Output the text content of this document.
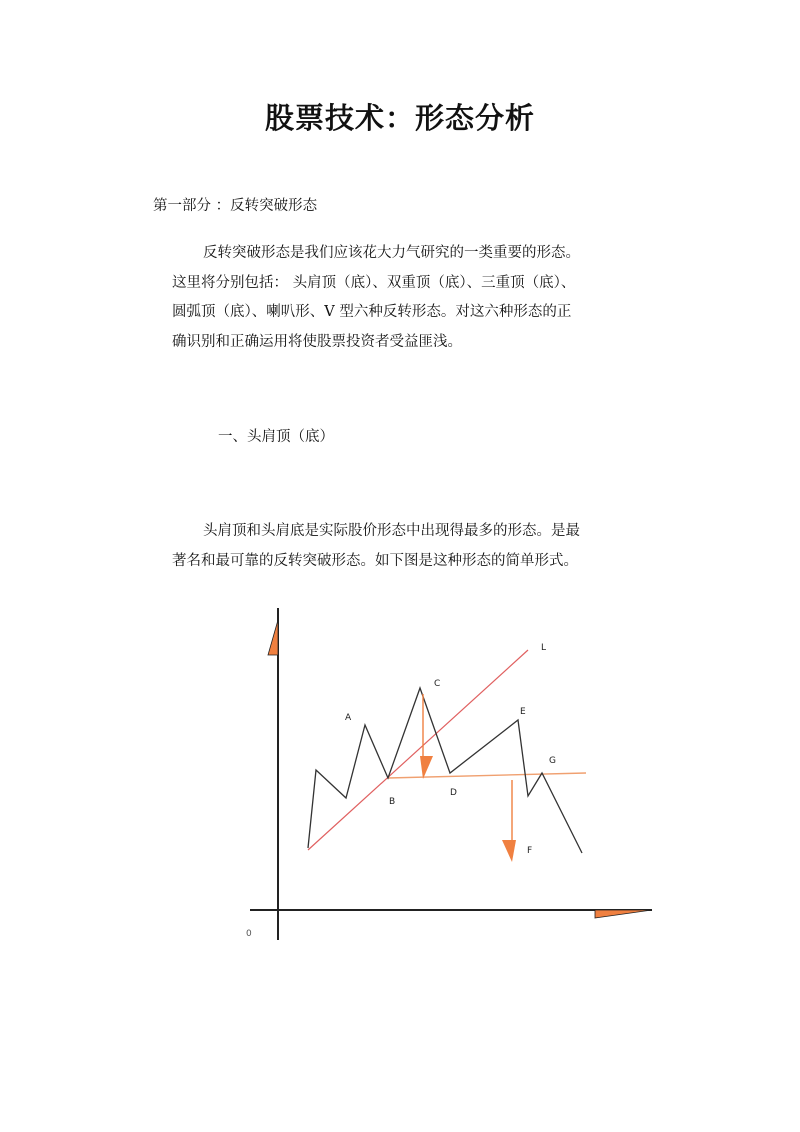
股票技术：形态分析
第一部分 ：反转突破形态
反转突破形态是我们应该花大力气研究的一类重要的形态。
这里将分别包括： 头肩顶（底）、双重顶（底）、三重顶（底）、
圆弧顶（底）、喇叭形、V 型六种反转形态。对这六种形态的正
确识别和正确运用将使股票投资者受益匪浅。
一、头肩顶（底）
头肩顶和头肩底是实际股价形态中出现得最多的形态。是最
著名和最可靠的反转突破形态。如下图是这种形态的简单形式。
A
B
C
D
E
F
G
L
0
